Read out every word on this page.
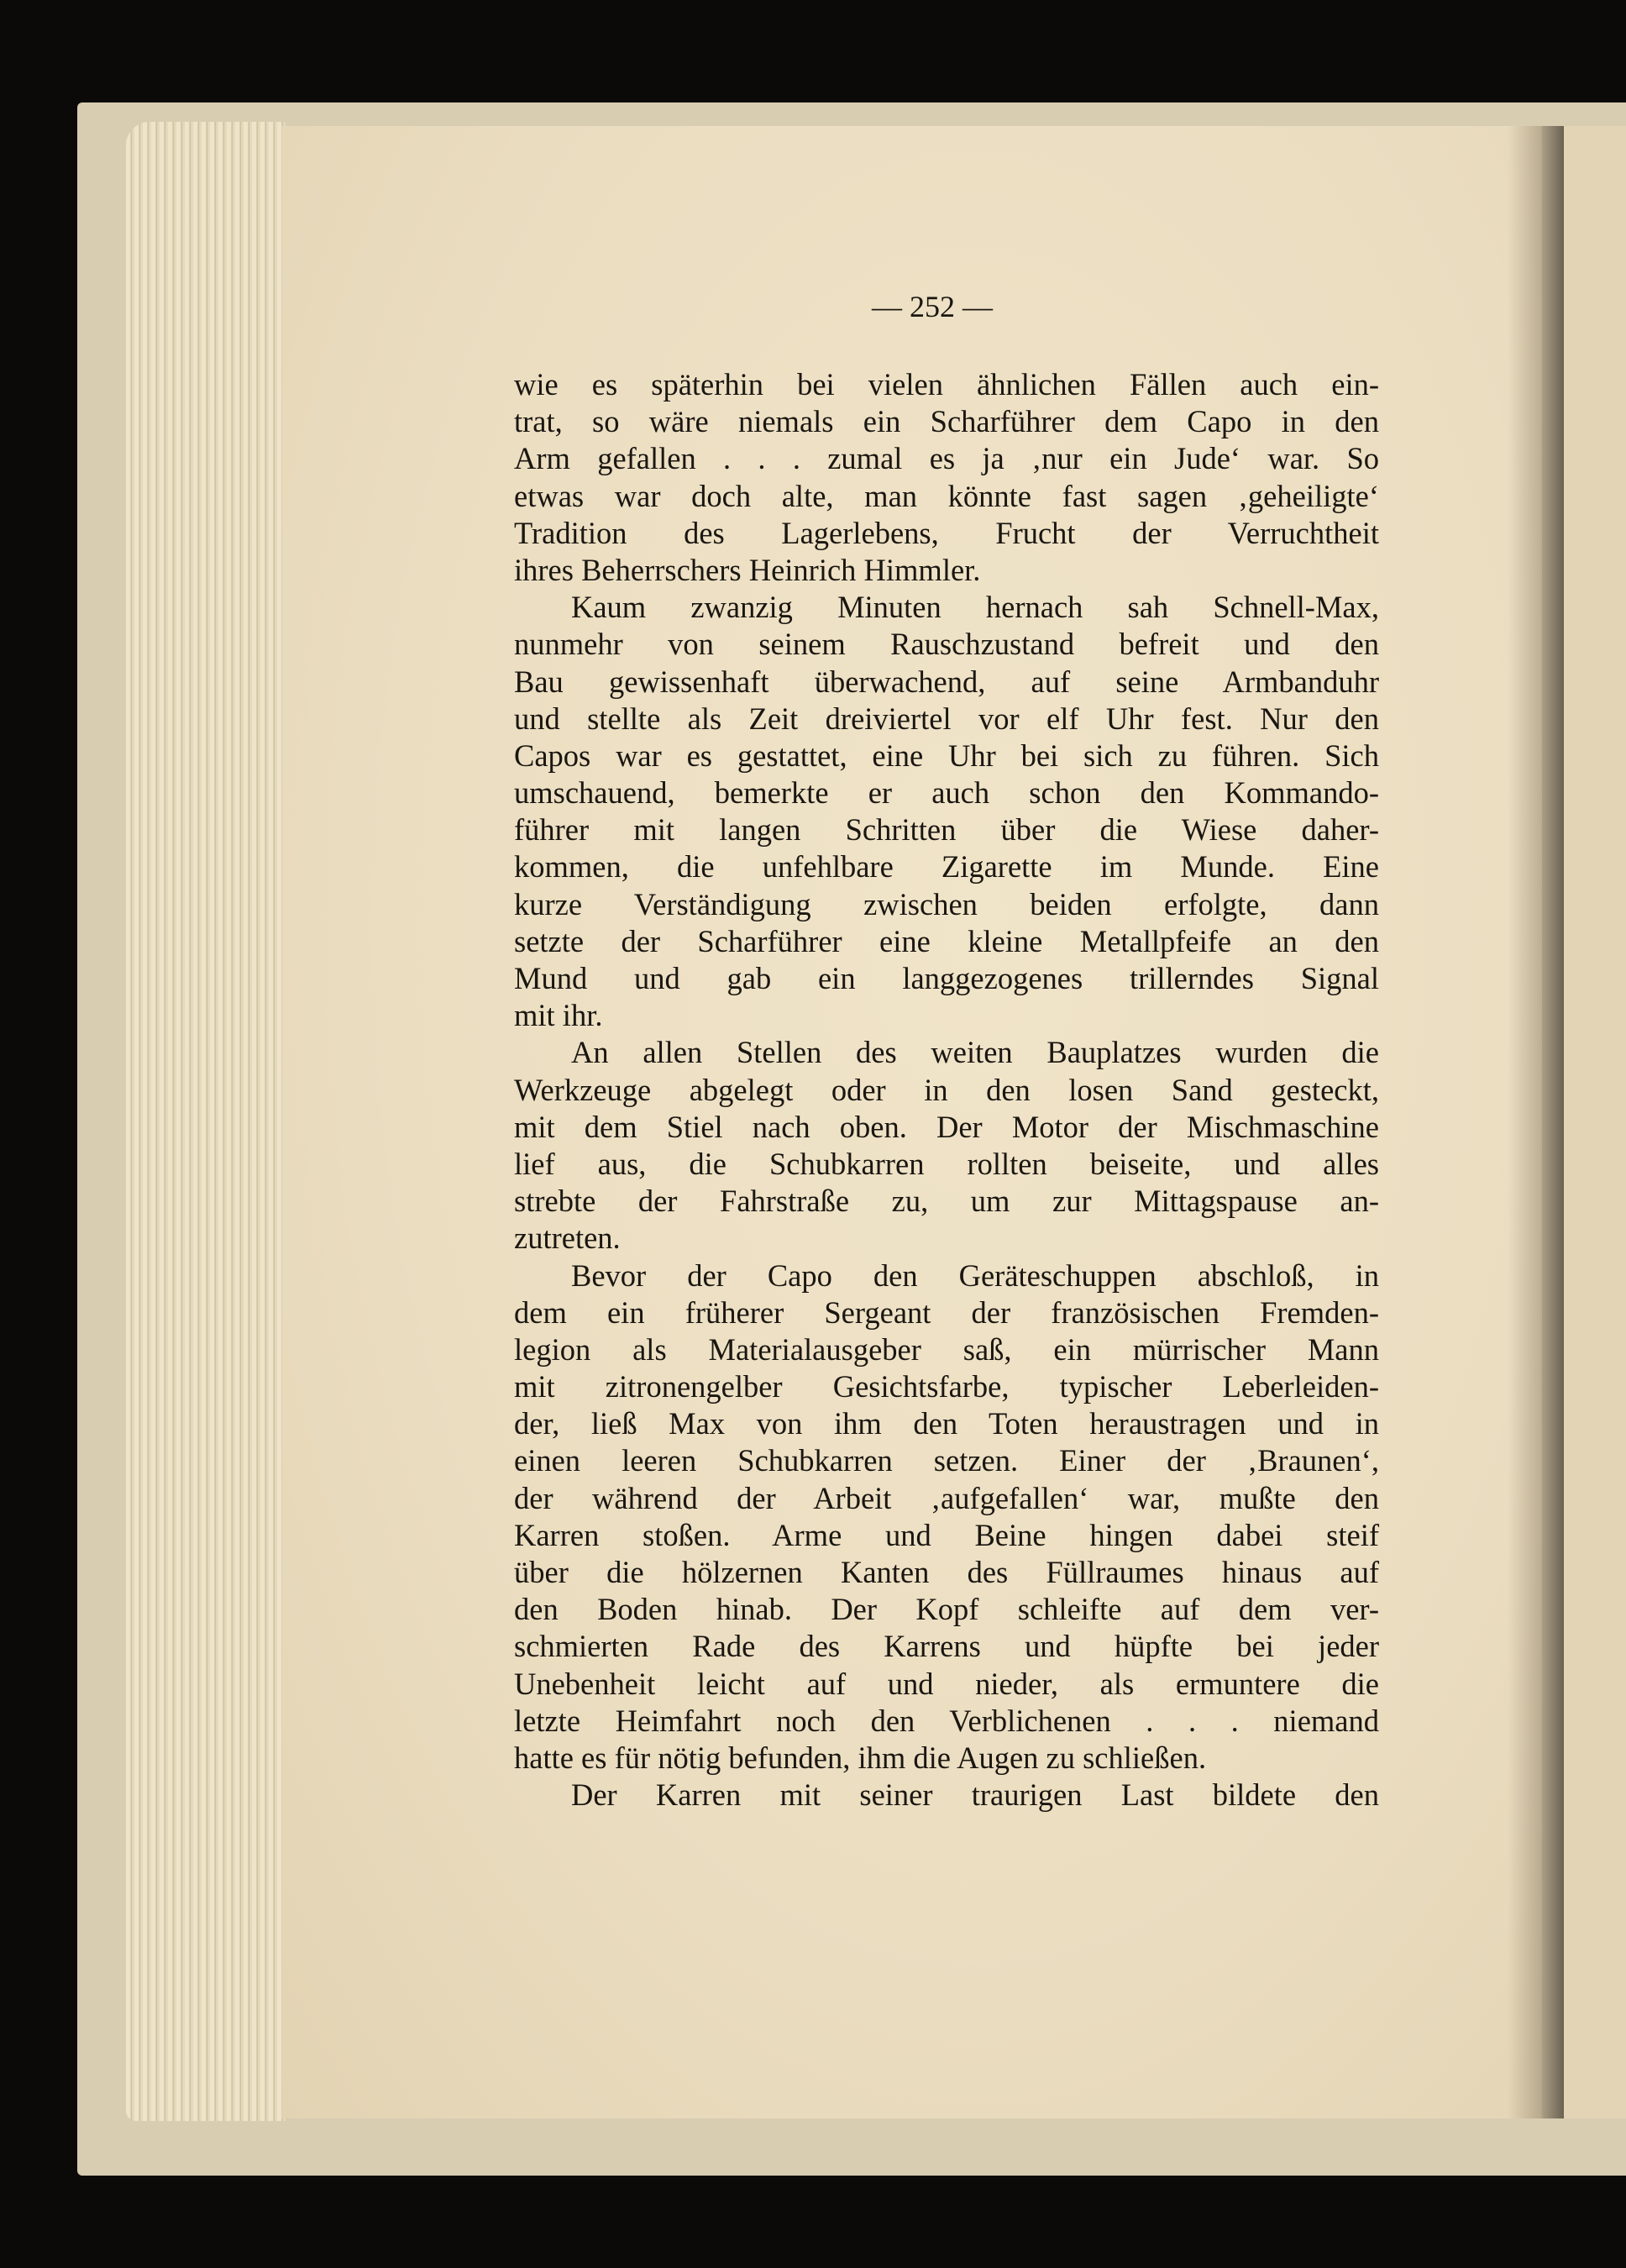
— 252 —
wie es späterhin bei vielen ähnlichen Fällen auch ein-
trat, so wäre niemals ein Scharführer dem Capo in den
Arm gefallen . . . zumal es ja ‚nur ein Jude‘ war. So
etwas war doch alte, man könnte fast sagen ‚geheiligte‘
Tradition des Lagerlebens, Frucht der Verruchtheit
ihres Beherrschers Heinrich Himmler.
Kaum zwanzig Minuten hernach sah Schnell-Max,
nunmehr von seinem Rauschzustand befreit und den
Bau gewissenhaft überwachend, auf seine Armbanduhr
und stellte als Zeit dreiviertel vor elf Uhr fest. Nur den
Capos war es gestattet, eine Uhr bei sich zu führen. Sich
umschauend, bemerkte er auch schon den Kommando-
führer mit langen Schritten über die Wiese daher-
kommen, die unfehlbare Zigarette im Munde. Eine
kurze Verständigung zwischen beiden erfolgte, dann
setzte der Scharführer eine kleine Metallpfeife an den
Mund und gab ein langgezogenes trillerndes Signal
mit ihr.
An allen Stellen des weiten Bauplatzes wurden die
Werkzeuge abgelegt oder in den losen Sand gesteckt,
mit dem Stiel nach oben. Der Motor der Mischmaschine
lief aus, die Schubkarren rollten beiseite, und alles
strebte der Fahrstraße zu, um zur Mittagspause an-
zutreten.
Bevor der Capo den Geräteschuppen abschloß, in
dem ein früherer Sergeant der französischen Fremden-
legion als Materialausgeber saß, ein mürrischer Mann
mit zitronengelber Gesichtsfarbe, typischer Leberleiden-
der, ließ Max von ihm den Toten heraustragen und in
einen leeren Schubkarren setzen. Einer der ‚Braunen‘,
der während der Arbeit ‚aufgefallen‘ war, mußte den
Karren stoßen. Arme und Beine hingen dabei steif
über die hölzernen Kanten des Füllraumes hinaus auf
den Boden hinab. Der Kopf schleifte auf dem ver-
schmierten Rade des Karrens und hüpfte bei jeder
Unebenheit leicht auf und nieder, als ermuntere die
letzte Heimfahrt noch den Verblichenen . . . niemand
hatte es für nötig befunden, ihm die Augen zu schließen.
Der Karren mit seiner traurigen Last bildete den
